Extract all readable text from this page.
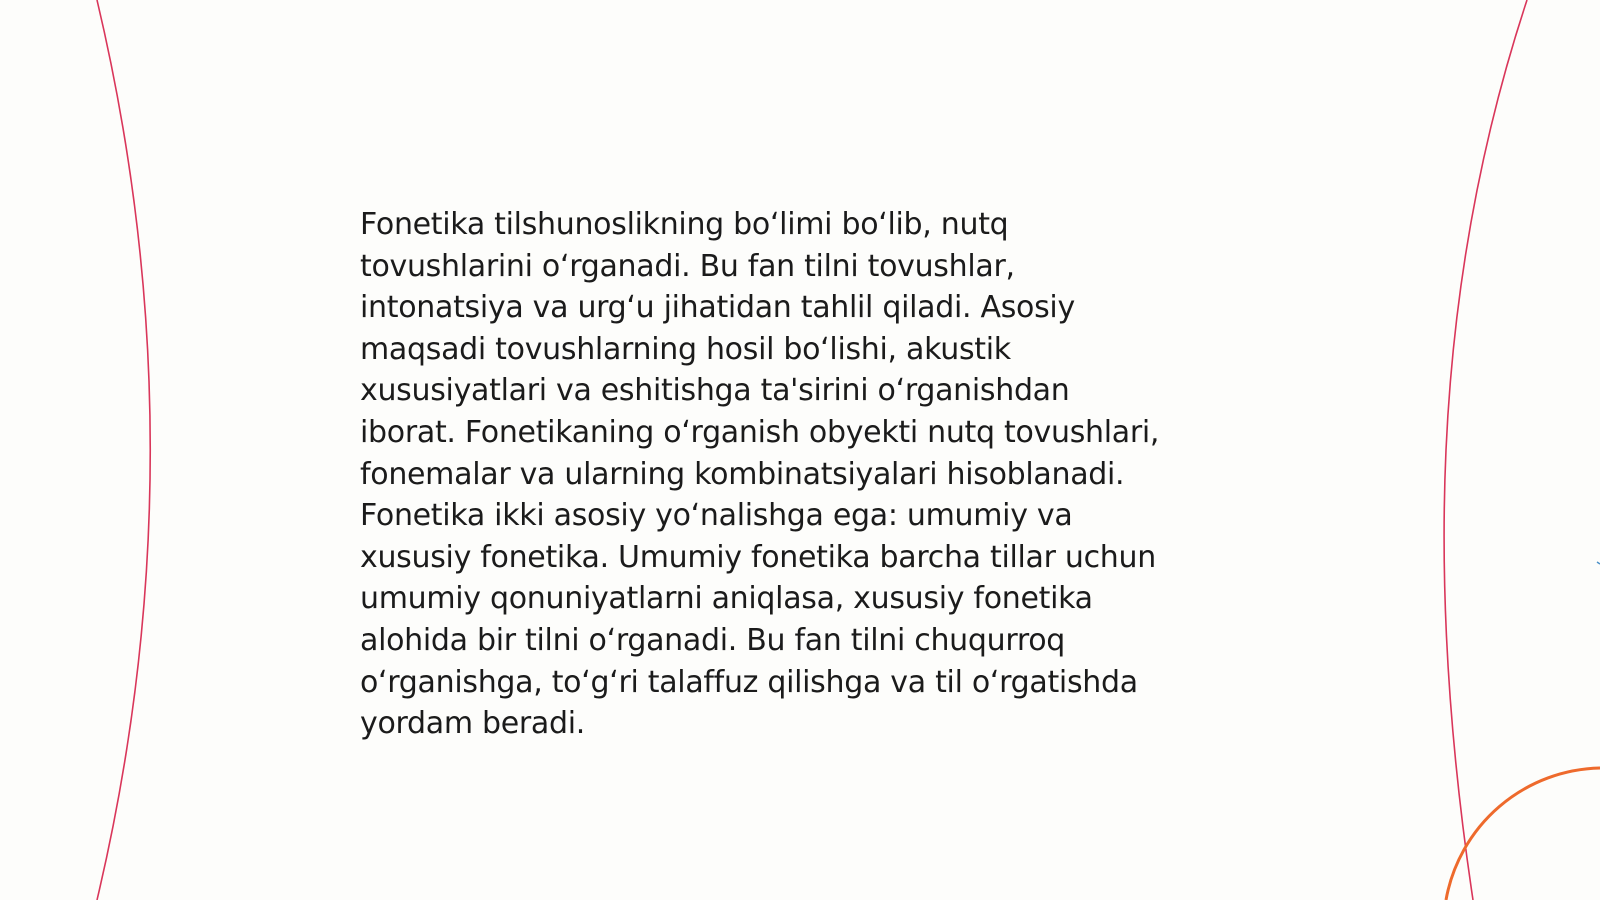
Fonetika tilshunoslikning bo‘limi bo‘lib, nutq
tovushlarini o‘rganadi. Bu fan tilni tovushlar,
intonatsiya va urg‘u jihatidan tahlil qiladi. Asosiy
maqsadi tovushlarning hosil bo‘lishi, akustik
xususiyatlari va eshitishga ta'sirini o‘rganishdan
iborat. Fonetikaning o‘rganish obyekti nutq tovushlari,
fonemalar va ularning kombinatsiyalari hisoblanadi.
Fonetika ikki asosiy yo‘nalishga ega: umumiy va
xususiy fonetika. Umumiy fonetika barcha tillar uchun
umumiy qonuniyatlarni aniqlasa, xususiy fonetika
alohida bir tilni o‘rganadi. Bu fan tilni chuqurroq
o‘rganishga, to‘g‘ri talaffuz qilishga va til o‘rgatishda
yordam beradi.
